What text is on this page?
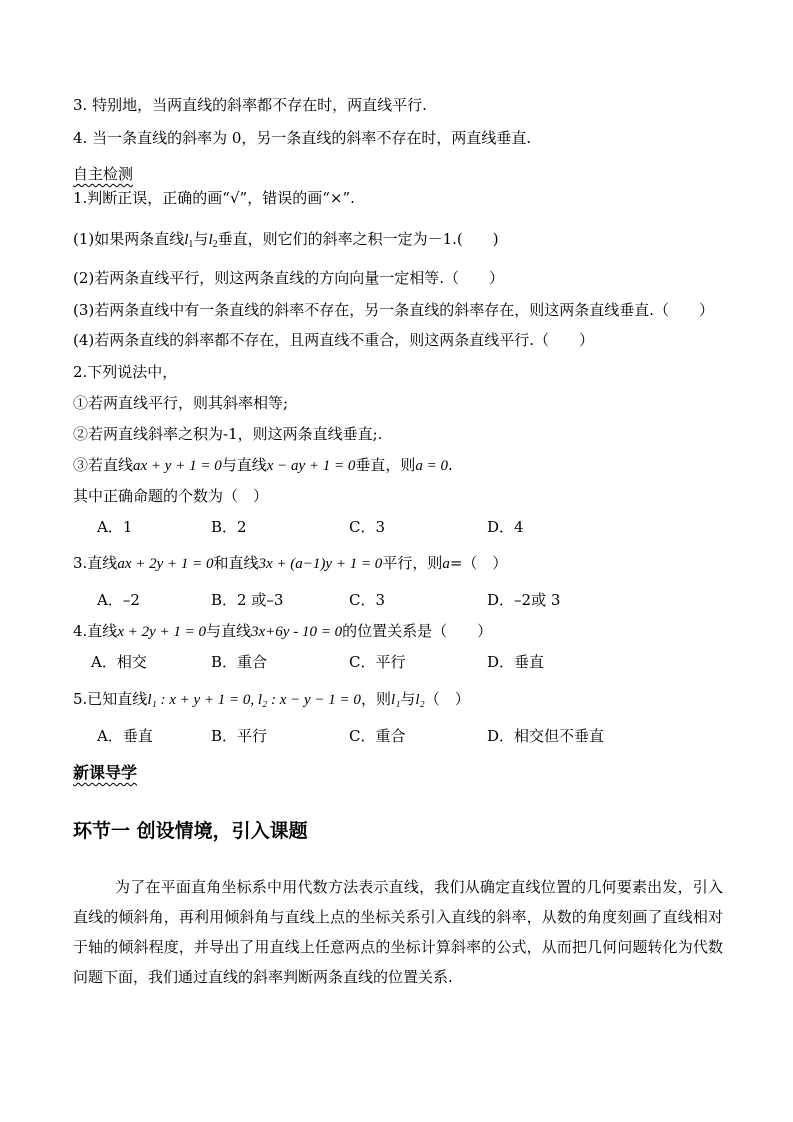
3. 特别地，当两直线的斜率都不存在时，两直线平行.
4. 当一条直线的斜率为 0，另一条直线的斜率不存在时，两直线垂直.
自主检测
1.判断正误，正确的画“√”，错误的画“×”.
(1)如果两条直线$l_1$与$l_2$垂直，则它们的斜率之积一定为－1.(　　)
(2)若两条直线平行，则这两条直线的方向向量一定相等.（　　）
(3)若两条直线中有一条直线的斜率不存在，另一条直线的斜率存在，则这两条直线垂直.（　　）
(4)若两条直线的斜率都不存在，且两直线不重合，则这两条直线平行.（　　）
2.下列说法中，
①若两直线平行，则其斜率相等;
②若两直线斜率之积为-1，则这两条直线垂直;.
③若直线ax + y + 1 = 0与直线x − ay + 1 = 0垂直，则a = 0.
其中正确命题的个数为（　）
A．1	B．2	C．3	D．4
3.直线ax + 2y + 1 = 0和直线3x + (a−1)y + 1 = 0平行，则a=（　）
A．–2	B．2 或–3	C．3	D．–2或 3
4.直线x + 2y + 1 = 0与直线3x+6y - 10 = 0的位置关系是（　　）
A．相交	B．重合	C．平行	D．垂直
5.已知直线l₁ : x + y + 1 = 0, l₂ : x − y − 1 = 0，则l₁与l₂（　）
A．垂直	B．平行	C．重合	D．相交但不垂直
新课导学
环节一 创设情境，引入课题
为了在平面直角坐标系中用代数方法表示直线，我们从确定直线位置的几何要素出发，引入直线的倾斜角，再利用倾斜角与直线上点的坐标关系引入直线的斜率，从数的角度刻画了直线相对于轴的倾斜程度，并导出了用直线上任意两点的坐标计算斜率的公式，从而把几何问题转化为代数问题下面，我们通过直线的斜率判断两条直线的位置关系.
